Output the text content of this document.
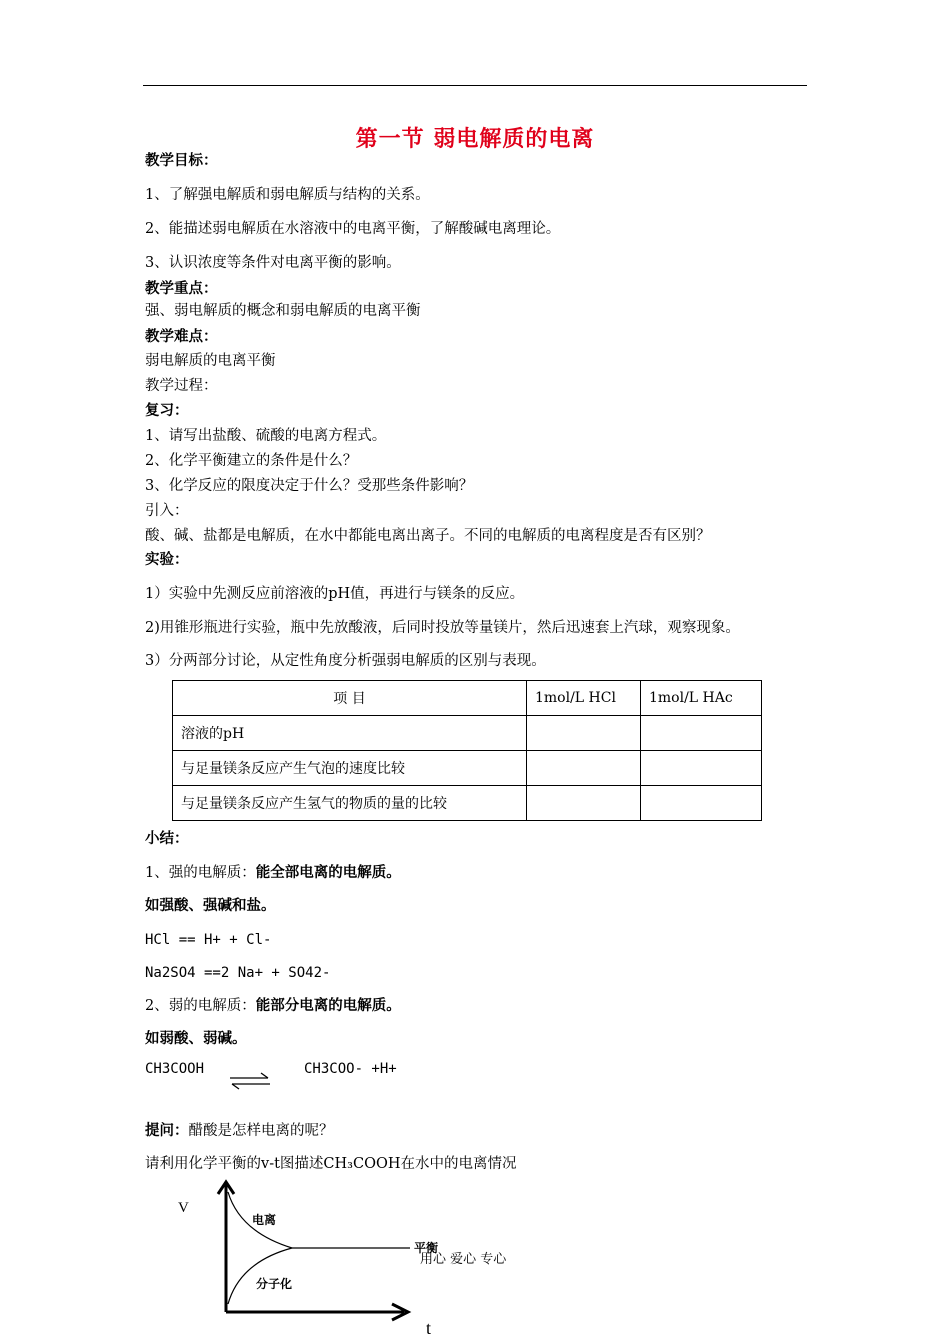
第一节 弱电解质的电离
教学目标：
1、了解强电解质和弱电解质与结构的关系。
2、能描述弱电解质在水溶液中的电离平衡，了解酸碱电离理论。
3、认识浓度等条件对电离平衡的影响。
教学重点：
强、弱电解质的概念和弱电解质的电离平衡
教学难点：
弱电解质的电离平衡
教学过程：
复习：
1、请写出盐酸、硫酸的电离方程式。
2、化学平衡建立的条件是什么？
3、化学反应的限度决定于什么？受那些条件影响？
引入：
酸、碱、盐都是电解质，在水中都能电离出离子。不同的电解质的电离程度是否有区别？
实验：
1）实验中先测反应前溶液的pH值，再进行与镁条的反应。
2)用锥形瓶进行实验，瓶中先放酸液，后同时投放等量镁片，然后迅速套上汽球，观察现象。
3）分两部分讨论，从定性角度分析强弱电解质的区别与表现。
项 目	1mol/L HCl	1mol/L HAc
溶液的pH		
与足量镁条反应产生气泡的速度比较		
与足量镁条反应产生氢气的物质的量的比较		
小结：
1、强的电解质：能全部电离的电解质。
如强酸、强碱和盐。
HCl == H+ + Cl-
Na2SO4 ==2 Na+ + SO42-
2、弱的电解质：能部分电离的电解质。
如弱酸、弱碱。
CH3COOH	CH3COO- +H+
提问：醋酸是怎样电离的呢？
请利用化学平衡的v-t图描述CH₃COOH在水中的电离情况
V
t
电离
分子化
平衡
用心 爱心 专心
